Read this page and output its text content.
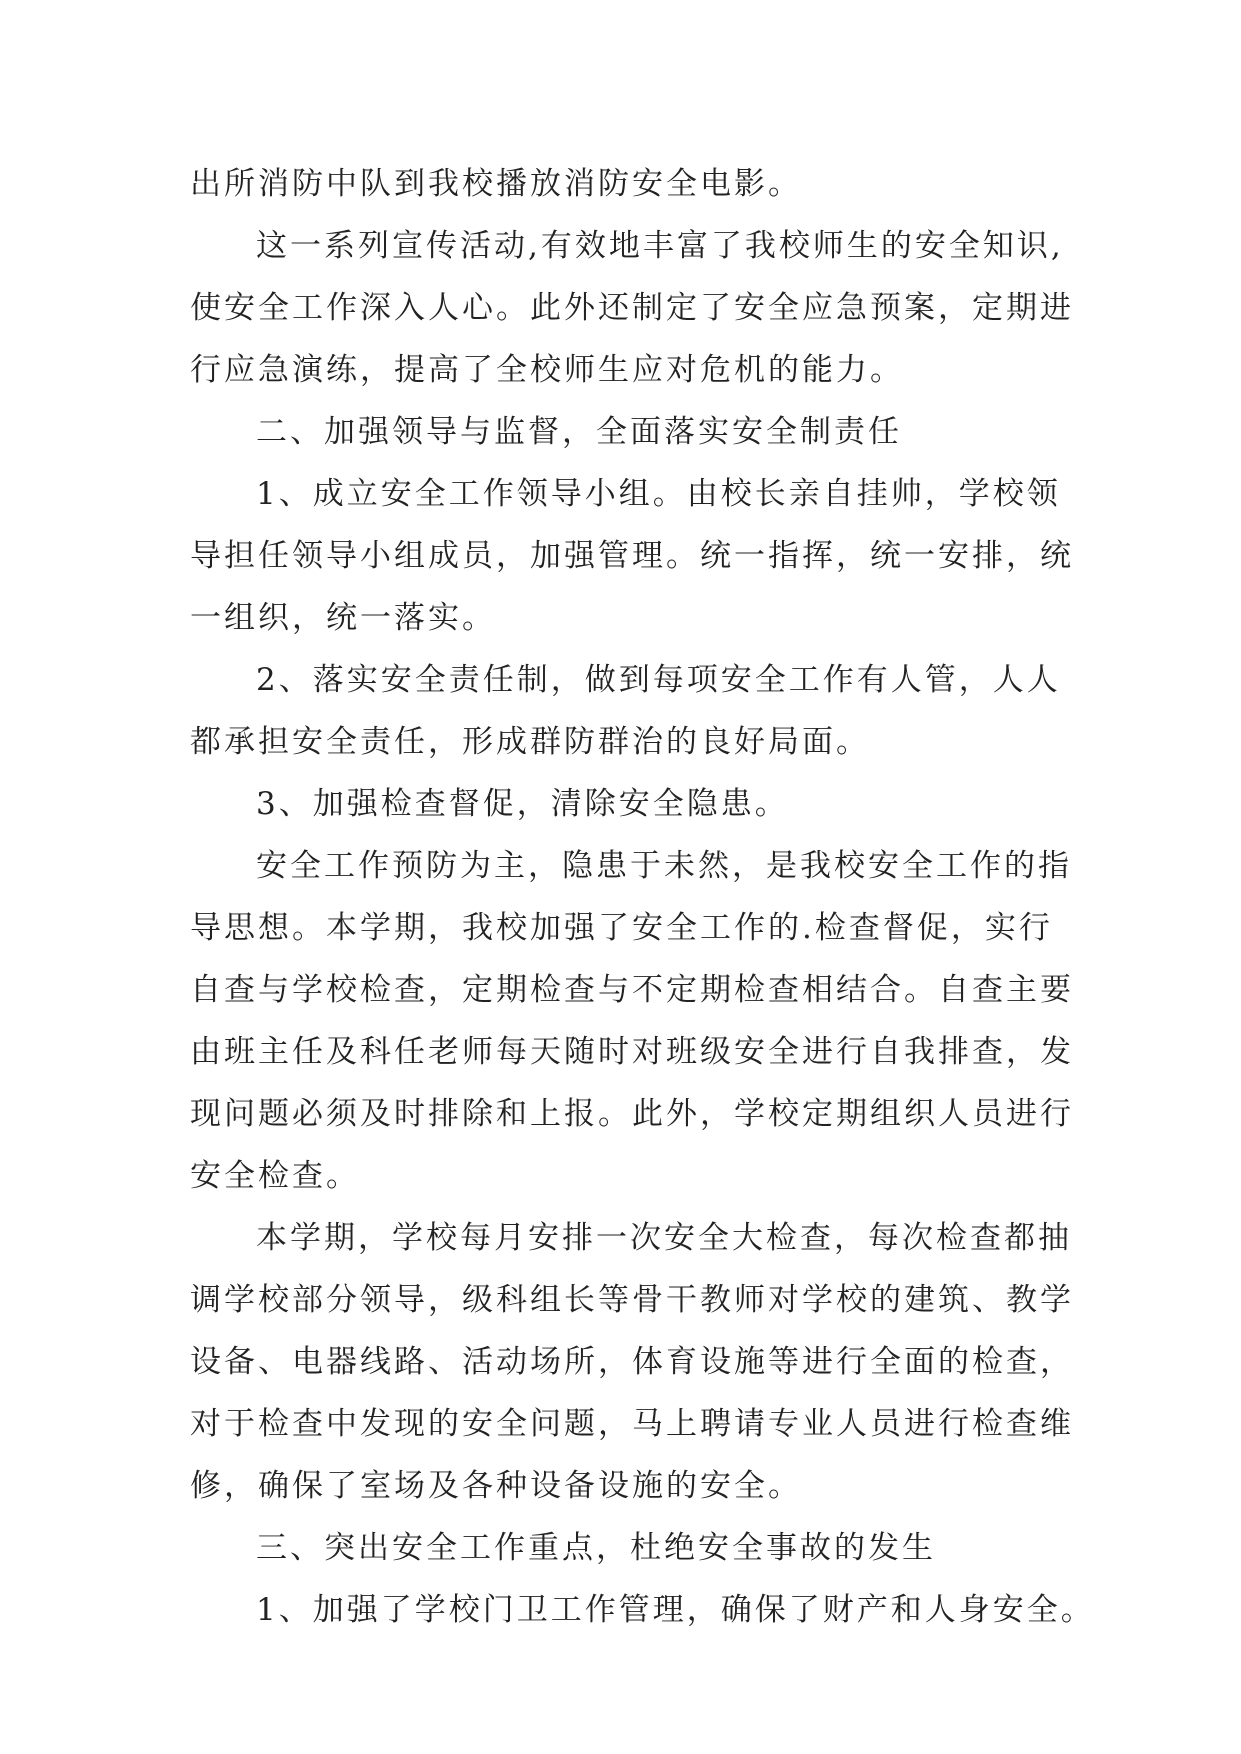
出所消防中队到我校播放消防安全电影。
这一系列宣传活动,有效地丰富了我校师生的安全知识,
使安全工作深入人心。此外还制定了安全应急预案，定期进
行应急演练，提高了全校师生应对危机的能力。
二、加强领导与监督，全面落实安全制责任
1、成立安全工作领导小组。由校长亲自挂帅，学校领
导担任领导小组成员，加强管理。统一指挥，统一安排，统
一组织，统一落实。
2、落实安全责任制，做到每项安全工作有人管，人人
都承担安全责任，形成群防群治的良好局面。
3、加强检查督促，清除安全隐患。
安全工作预防为主，隐患于未然，是我校安全工作的指
导思想。本学期，我校加强了安全工作的.检查督促，实行
自查与学校检查，定期检查与不定期检查相结合。自查主要
由班主任及科任老师每天随时对班级安全进行自我排查，发
现问题必须及时排除和上报。此外，学校定期组织人员进行
安全检查。
本学期，学校每月安排一次安全大检查，每次检查都抽
调学校部分领导，级科组长等骨干教师对学校的建筑、教学
设备、电器线路、活动场所，体育设施等进行全面的检查，
对于检查中发现的安全问题，马上聘请专业人员进行检查维
修，确保了室场及各种设备设施的安全。
三、突出安全工作重点，杜绝安全事故的发生
1、加强了学校门卫工作管理，确保了财产和人身安全。
